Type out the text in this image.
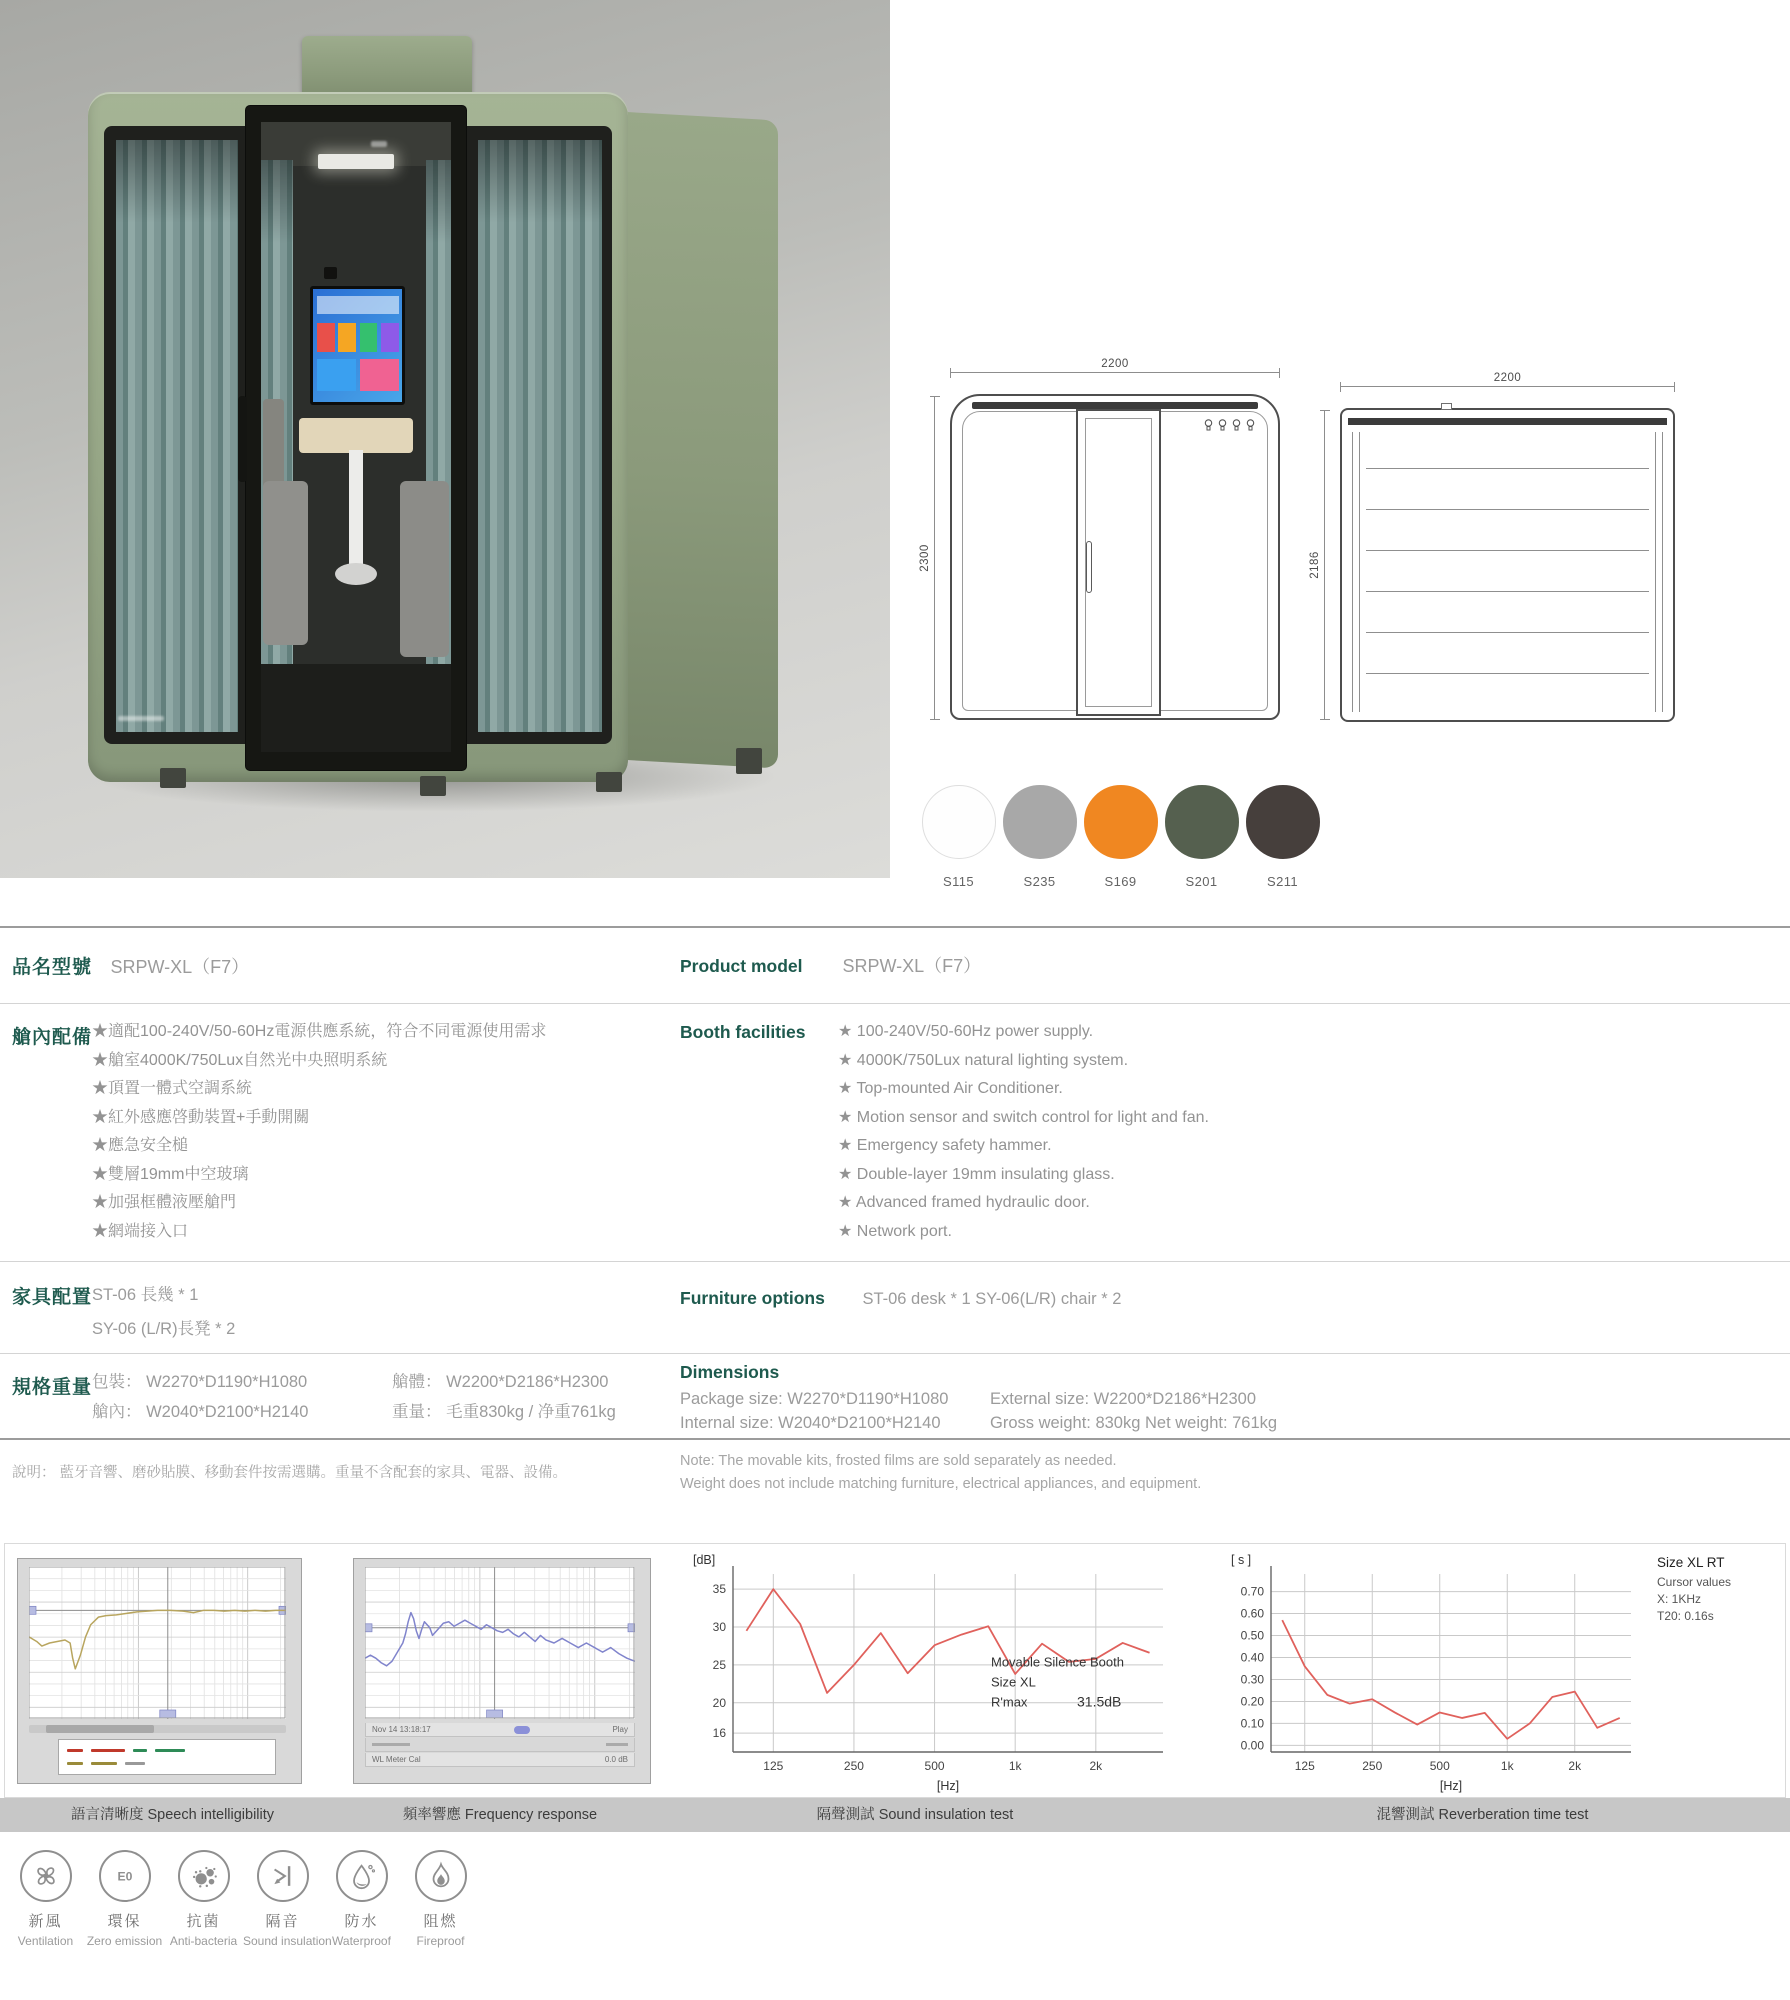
2200
2300
2200
2186
S115	S235	S169	S201	S211
品名型號 SRPW-XL（F7）	Product model SRPW-XL（F7）
艙內配備 ★適配100-240V/50-60Hz電源供應系統，符合不同電源使用需求
★艙室4000K/750Lux自然光中央照明系統
★頂置一體式空調系統
★紅外感應啓動裝置+手動開關
★應急安全槌
★雙層19mm中空玻璃
★加强框體液壓艙門
★網端接入口
Booth facilities ★ 100-240V/50-60Hz power supply.
★ 4000K/750Lux natural lighting system.
★ Top-mounted Air Conditioner.
★ Motion sensor and switch control for light and fan.
★ Emergency safety hammer.
★ Double-layer 19mm insulating glass.
★ Advanced framed hydraulic door.
★ Network port.
家具配置 ST-06 長幾 * 1
SY-06 (L/R)長凳 * 2
Furniture options ST-06 desk * 1 SY-06(L/R) chair * 2
規格重量 包裝： W2270*D1190*H1080	艙體： W2200*D2186*H2300
艙內： W2040*D2100*H2140	重量： 毛重830kg / 净重761kg
Dimensions
Package size: W2270*D1190*H1080	External size: W2200*D2186*H2300
Internal size: W2040*D2100*H2140	Gross weight: 830kg Net weight: 761kg
說明： 藍牙音響、磨砂貼膜、移動套件按需選購。重量不含配套的家具、電器、設備。
Note: The movable kits, frosted films are sold separately as needed.
Weight does not include matching furniture, electrical appliances, and equipment.
Nov 14 13:18:17	Play
WL Meter Cal	0.0 dB
16
20
25
30
35
125	250	500	1k	2k
[dB]
[Hz]
Movable Silence Booth
Size XL
R'max	31.5dB
0.00
0.10
0.20
0.30
0.40
0.50
0.60
0.70
125	250	500	1k	2k
[ s ]
[Hz]
Size XL RT
Cursor values
X: 1KHz
T20: 0.16s
語言清晰度 Speech intelligibility	頻率響應 Frequency response	隔聲測試 Sound insulation test	混響測試 Reverberation time test
新風
Ventilation
E0
環保
Zero emission
抗菌
Anti-bacteria
隔音
Sound insulation
防水
Waterproof
阻燃
Fireproof
